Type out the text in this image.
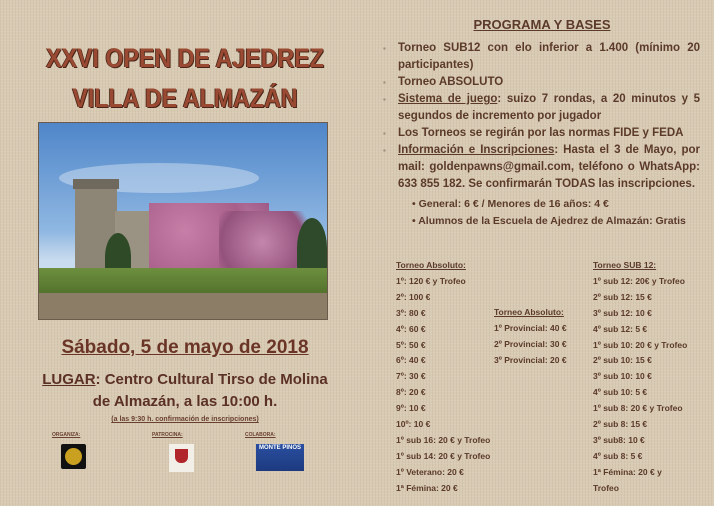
XXVI OPEN DE AJEDREZ
VILLA DE ALMAZÁN
Sábado, 5 de mayo de 2018
LUGAR: Centro Cultural Tirso de Molina
de Almazán, a las 10:00 h.
(a las 9:30 h. confirmación de inscripciones)
ORGANIZA:	PATROCINA:	COLABORA:
MONTE PINOS
PROGRAMA Y BASES
▪ Torneo SUB12 con elo inferior a 1.400 (mínimo 20 participantes)
▪ Torneo ABSOLUTO
▪ Sistema de juego: suizo 7 rondas, a 20 minutos y 5 segundos de incremento por jugador
▪ Los Torneos se regirán por las normas FIDE y FEDA
▪ Información e Inscripciones: Hasta el 3 de Mayo, por mail: goldenpawns@gmail.com, teléfono o WhatsApp: 633 855 182. Se confirmarán TODAS las inscripciones.
• General: 6 € / Menores de 16 años: 4 €
• Alumnos de la Escuela de Ajedrez de Almazán: Gratis
Torneo Absoluto:
1º: 120 € y Trofeo
2º: 100 €
3º: 80 €
4º: 60 €
5º: 50 €
6º: 40 €
7º: 30 €
8º: 20 €
9º: 10 €
10º: 10 €
1º sub 16: 20 € y Trofeo
1º sub 14: 20 € y Trofeo
1º Veterano: 20 €
1ª Fémina: 20 €
Torneo Absoluto:
1º Provincial: 40 €
2º Provincial: 30 €
3º Provincial: 20 €
Torneo SUB 12:
1º sub 12: 20€ y Trofeo
2º sub 12: 15 €
3º sub 12: 10 €
4º sub 12: 5 €
1º sub 10: 20 € y Trofeo
2º sub 10: 15 €
3º sub 10: 10 €
4º sub 10: 5 €
1º sub 8: 20 € y Trofeo
2º sub 8: 15 €
3º sub8: 10 €
4º sub 8: 5 €
1ª Fémina: 20 € y
Trofeo
